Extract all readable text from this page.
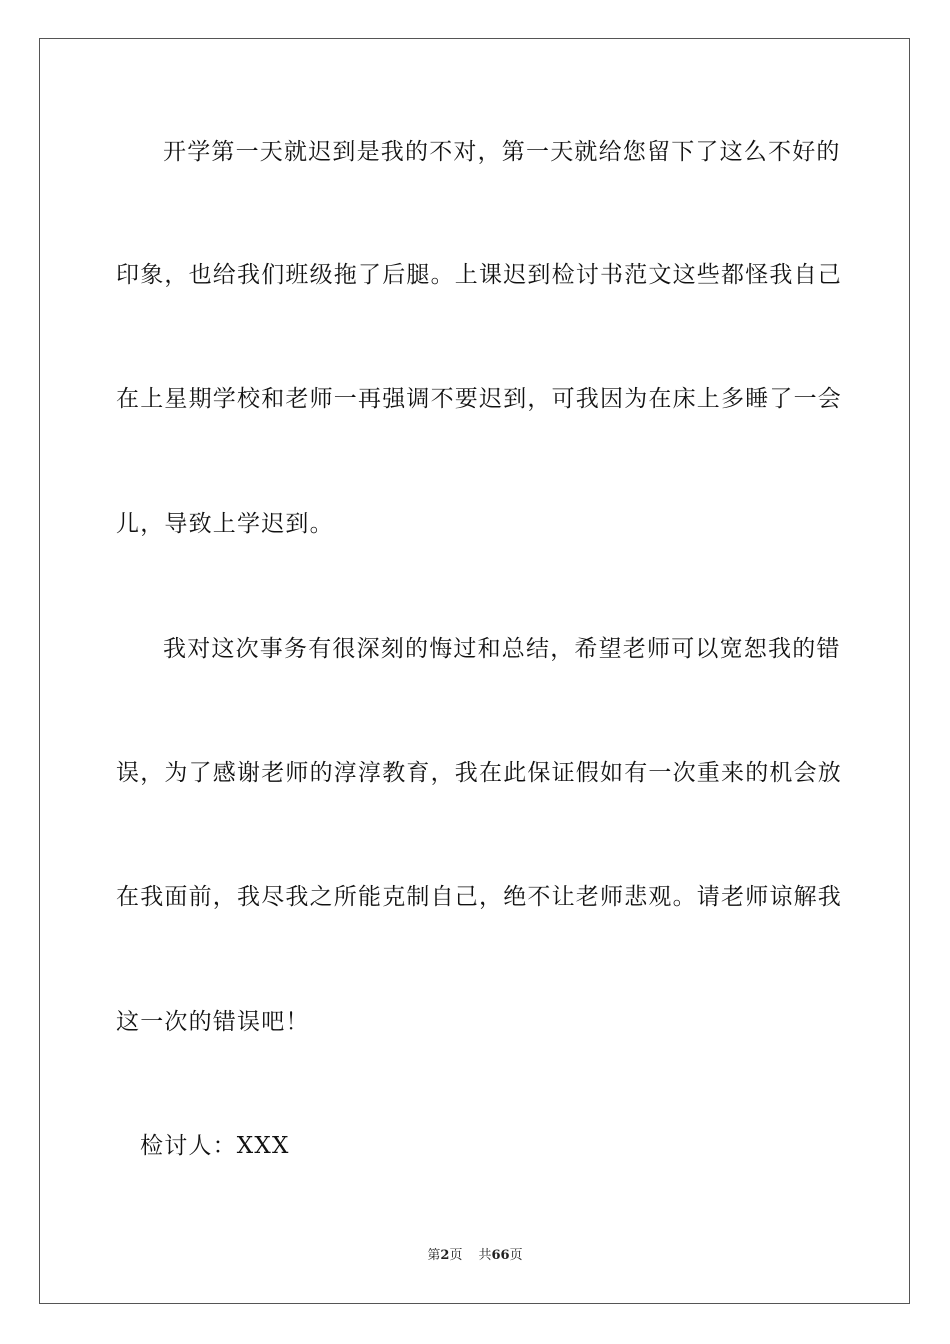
开学第一天就迟到是我的不对，第一天就给您留下了这么不好的
印象，也给我们班级拖了后腿。上课迟到检讨书范文这些都怪我自己
在上星期学校和老师一再强调不要迟到，可我因为在床上多睡了一会
儿，导致上学迟到。
我对这次事务有很深刻的悔过和总结，希望老师可以宽恕我的错
误，为了感谢老师的淳淳教育，我在此保证假如有一次重来的机会放
在我面前，我尽我之所能克制自己，绝不让老师悲观。请老师谅解我
这一次的错误吧！
检讨人：XXX
第2页 共66页
